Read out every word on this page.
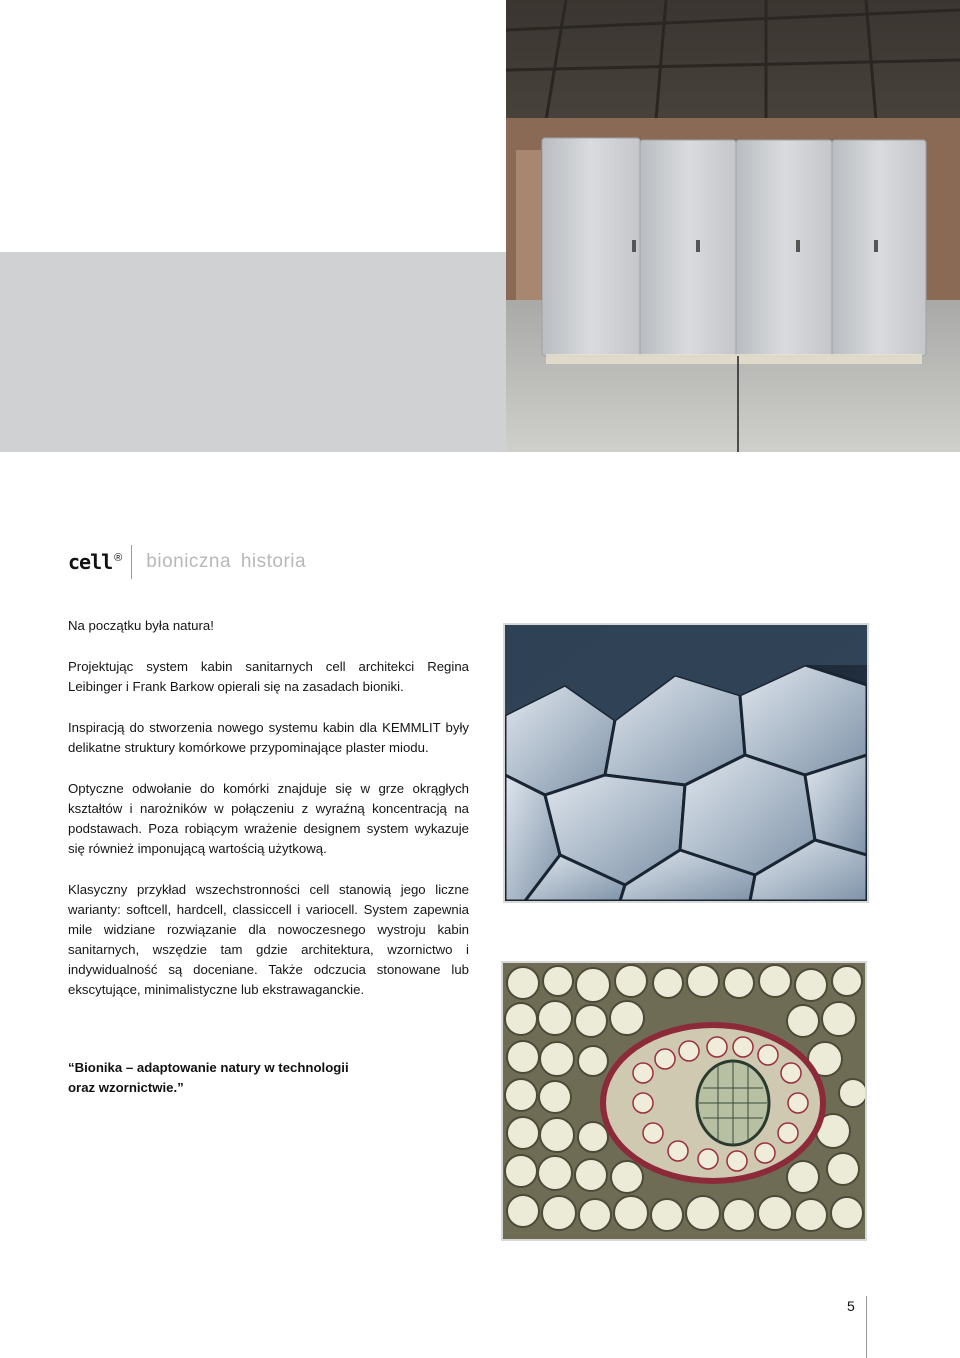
cell ® bioniczna historia

Na początku była natura!

Projektując system kabin sanitarnych cell architekci Regina Leibinger i Frank Barkow opierali się na zasadach bioniki.

Inspiracją do stworzenia nowego systemu kabin dla KEMMLIT były delikatne struktury komórkowe przypominające plaster miodu.

Optyczne odwołanie do komórki znajduje się w grze okrągłych kształtów i narożników w połączeniu z wyraźną koncentracją na podstawach. Poza robiącym wrażenie designem system wykazuje się również imponującą wartością użytkową.

Klasyczny przykład wszechstronności cell stanowią jego liczne warianty: softcell, hardcell, classiccell i variocell. System zapewnia mile widziane rozwiązanie dla nowoczesnego wystroju kabin sanitarnych, wszędzie tam gdzie architektura, wzornictwo i indywidualność są doceniane. Także odczucia stonowane lub ekscytujące, minimalistyczne lub ekstrawaganckie.

“Bionika – adaptowanie natury w technologii oraz wzornictwie.”
5
